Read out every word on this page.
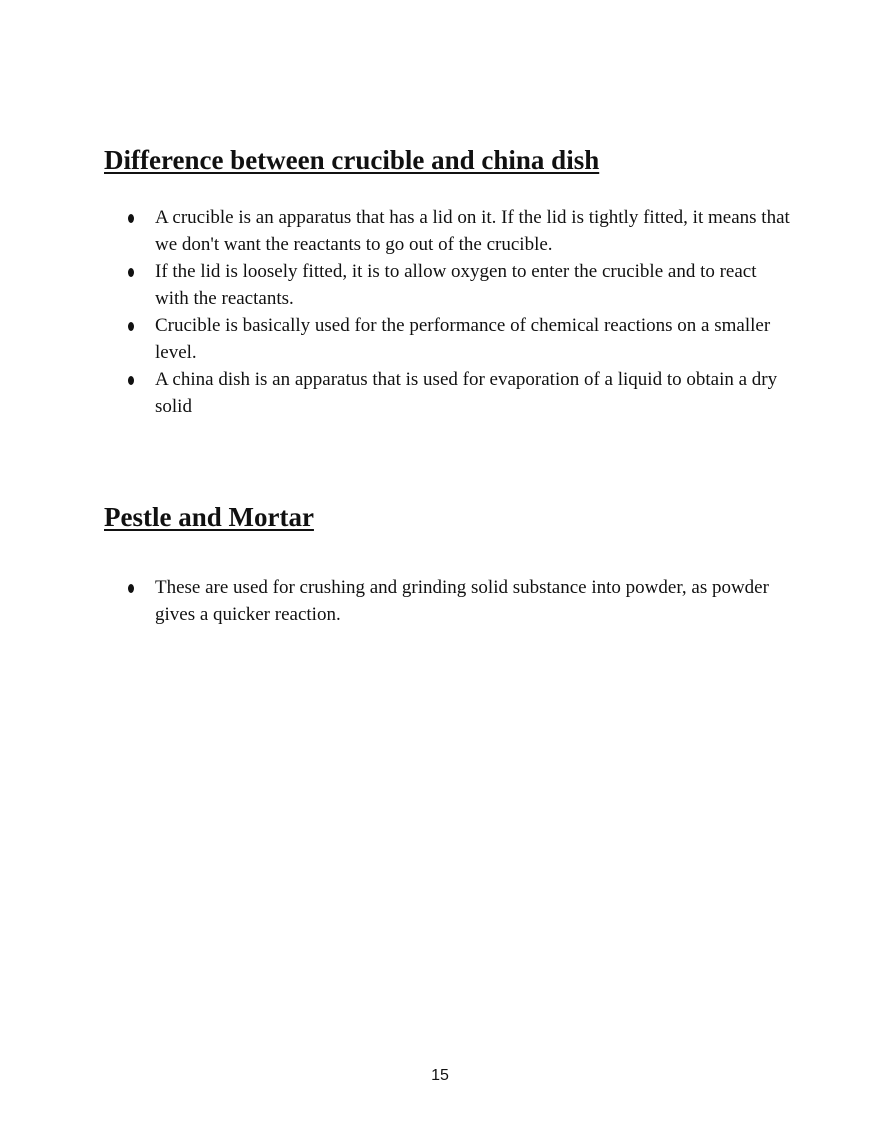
Difference between crucible and china dish
A crucible is an apparatus that has a lid on it. If the lid is tightly fitted, it means that we don't want the reactants to go out of the crucible.
If the lid is loosely fitted, it is to allow oxygen to enter the crucible and to react with the reactants.
Crucible is basically used for the performance of chemical reactions on a smaller level.
A china dish is an apparatus that is used for evaporation of a liquid to obtain a dry solid
Pestle and Mortar
These are used for crushing and grinding solid substance into powder, as powder gives a quicker reaction.
15
